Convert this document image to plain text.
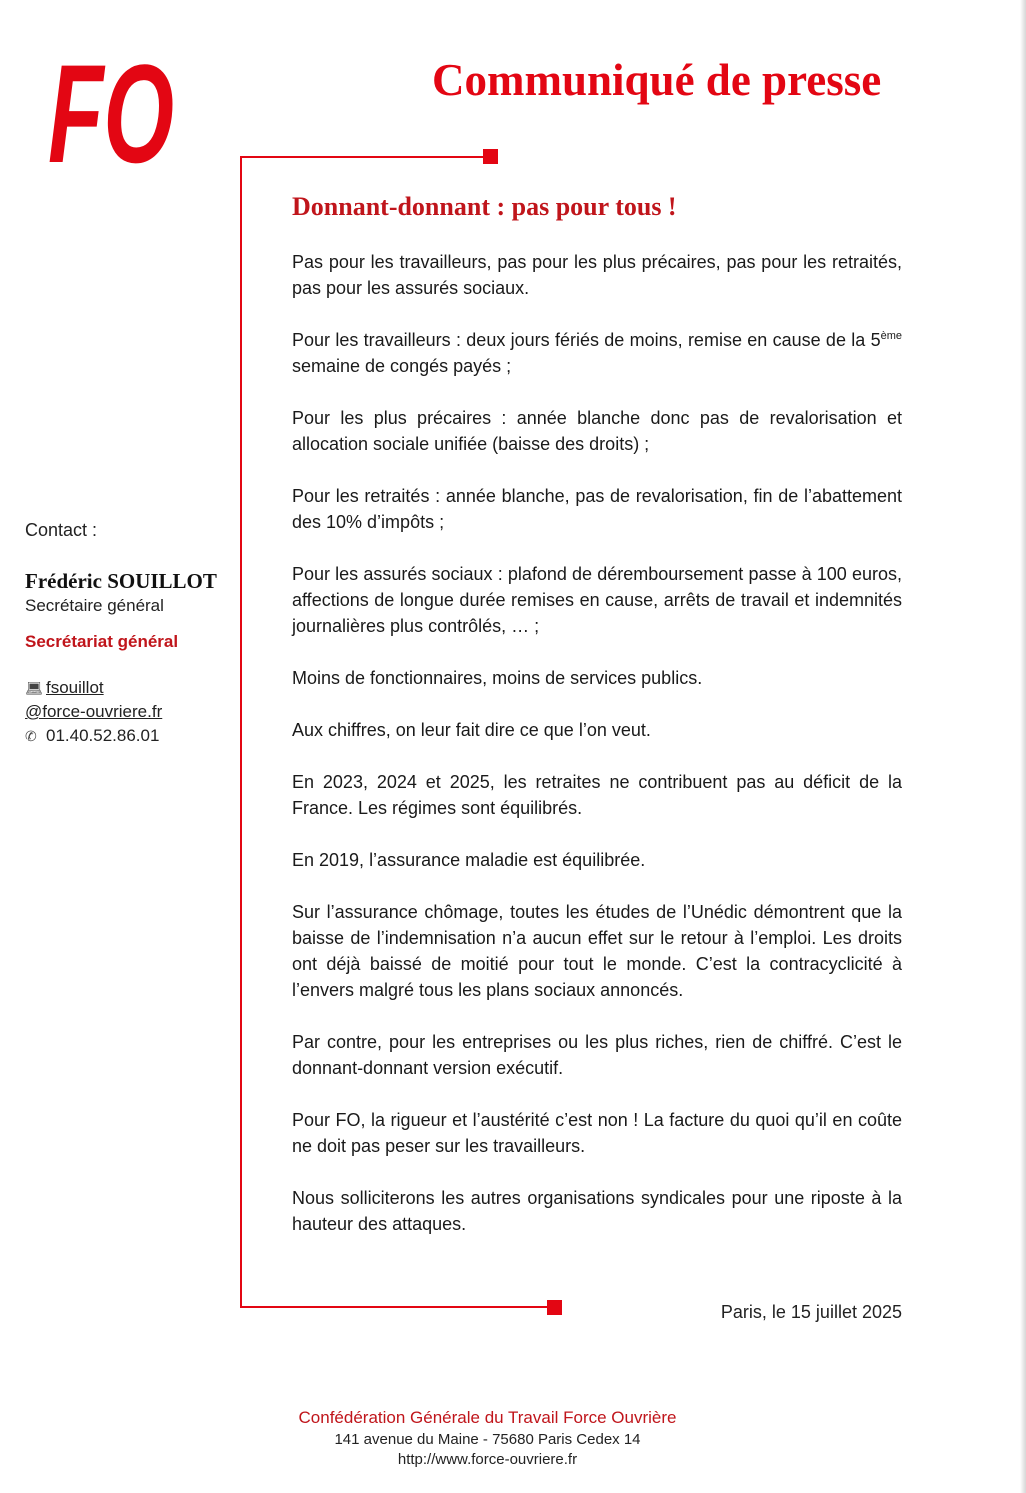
FO	Communiqué de presse
Contact :
Frédéric SOUILLOT
Secrétaire général
Secrétariat général
💻︎ fsouillot
@force-ouvriere.fr
✆ 01.40.52.86.01
Donnant-donnant : pas pour tous !

Pas pour les travailleurs, pas pour les plus précaires, pas pour les retraités, pas pour les assurés sociaux.

Pour les travailleurs : deux jours fériés de moins, remise en cause de la 5ème semaine de congés payés ;

Pour les plus précaires : année blanche donc pas de revalorisation et allocation sociale unifiée (baisse des droits) ;

Pour les retraités : année blanche, pas de revalorisation, fin de l’abattement des 10% d’impôts ;

Pour les assurés sociaux : plafond de déremboursement passe à 100 euros, affections de longue durée remises en cause, arrêts de travail et indemnités journalières plus contrôlés, … ;

Moins de fonctionnaires, moins de services publics.

Aux chiffres, on leur fait dire ce que l’on veut.

En 2023, 2024 et 2025, les retraites ne contribuent pas au déficit de la France. Les régimes sont équilibrés.

En 2019, l’assurance maladie est équilibrée.

Sur l’assurance chômage, toutes les études de l’Unédic démontrent que la baisse de l’indemnisation n’a aucun effet sur le retour à l’emploi. Les droits ont déjà baissé de moitié pour tout le monde. C’est la contracyclicité à l’envers malgré tous les plans sociaux annoncés.

Par contre, pour les entreprises ou les plus riches, rien de chiffré. C’est le donnant-donnant version exécutif.

Pour FO, la rigueur et l’austérité c’est non ! La facture du quoi qu’il en coûte ne doit pas peser sur les travailleurs.

Nous solliciterons les autres organisations syndicales pour une riposte à la hauteur des attaques.

Paris, le 15 juillet 2025
Confédération Générale du Travail Force Ouvrière
141 avenue du Maine - 75680 Paris Cedex 14
http://www.force-ouvriere.fr
